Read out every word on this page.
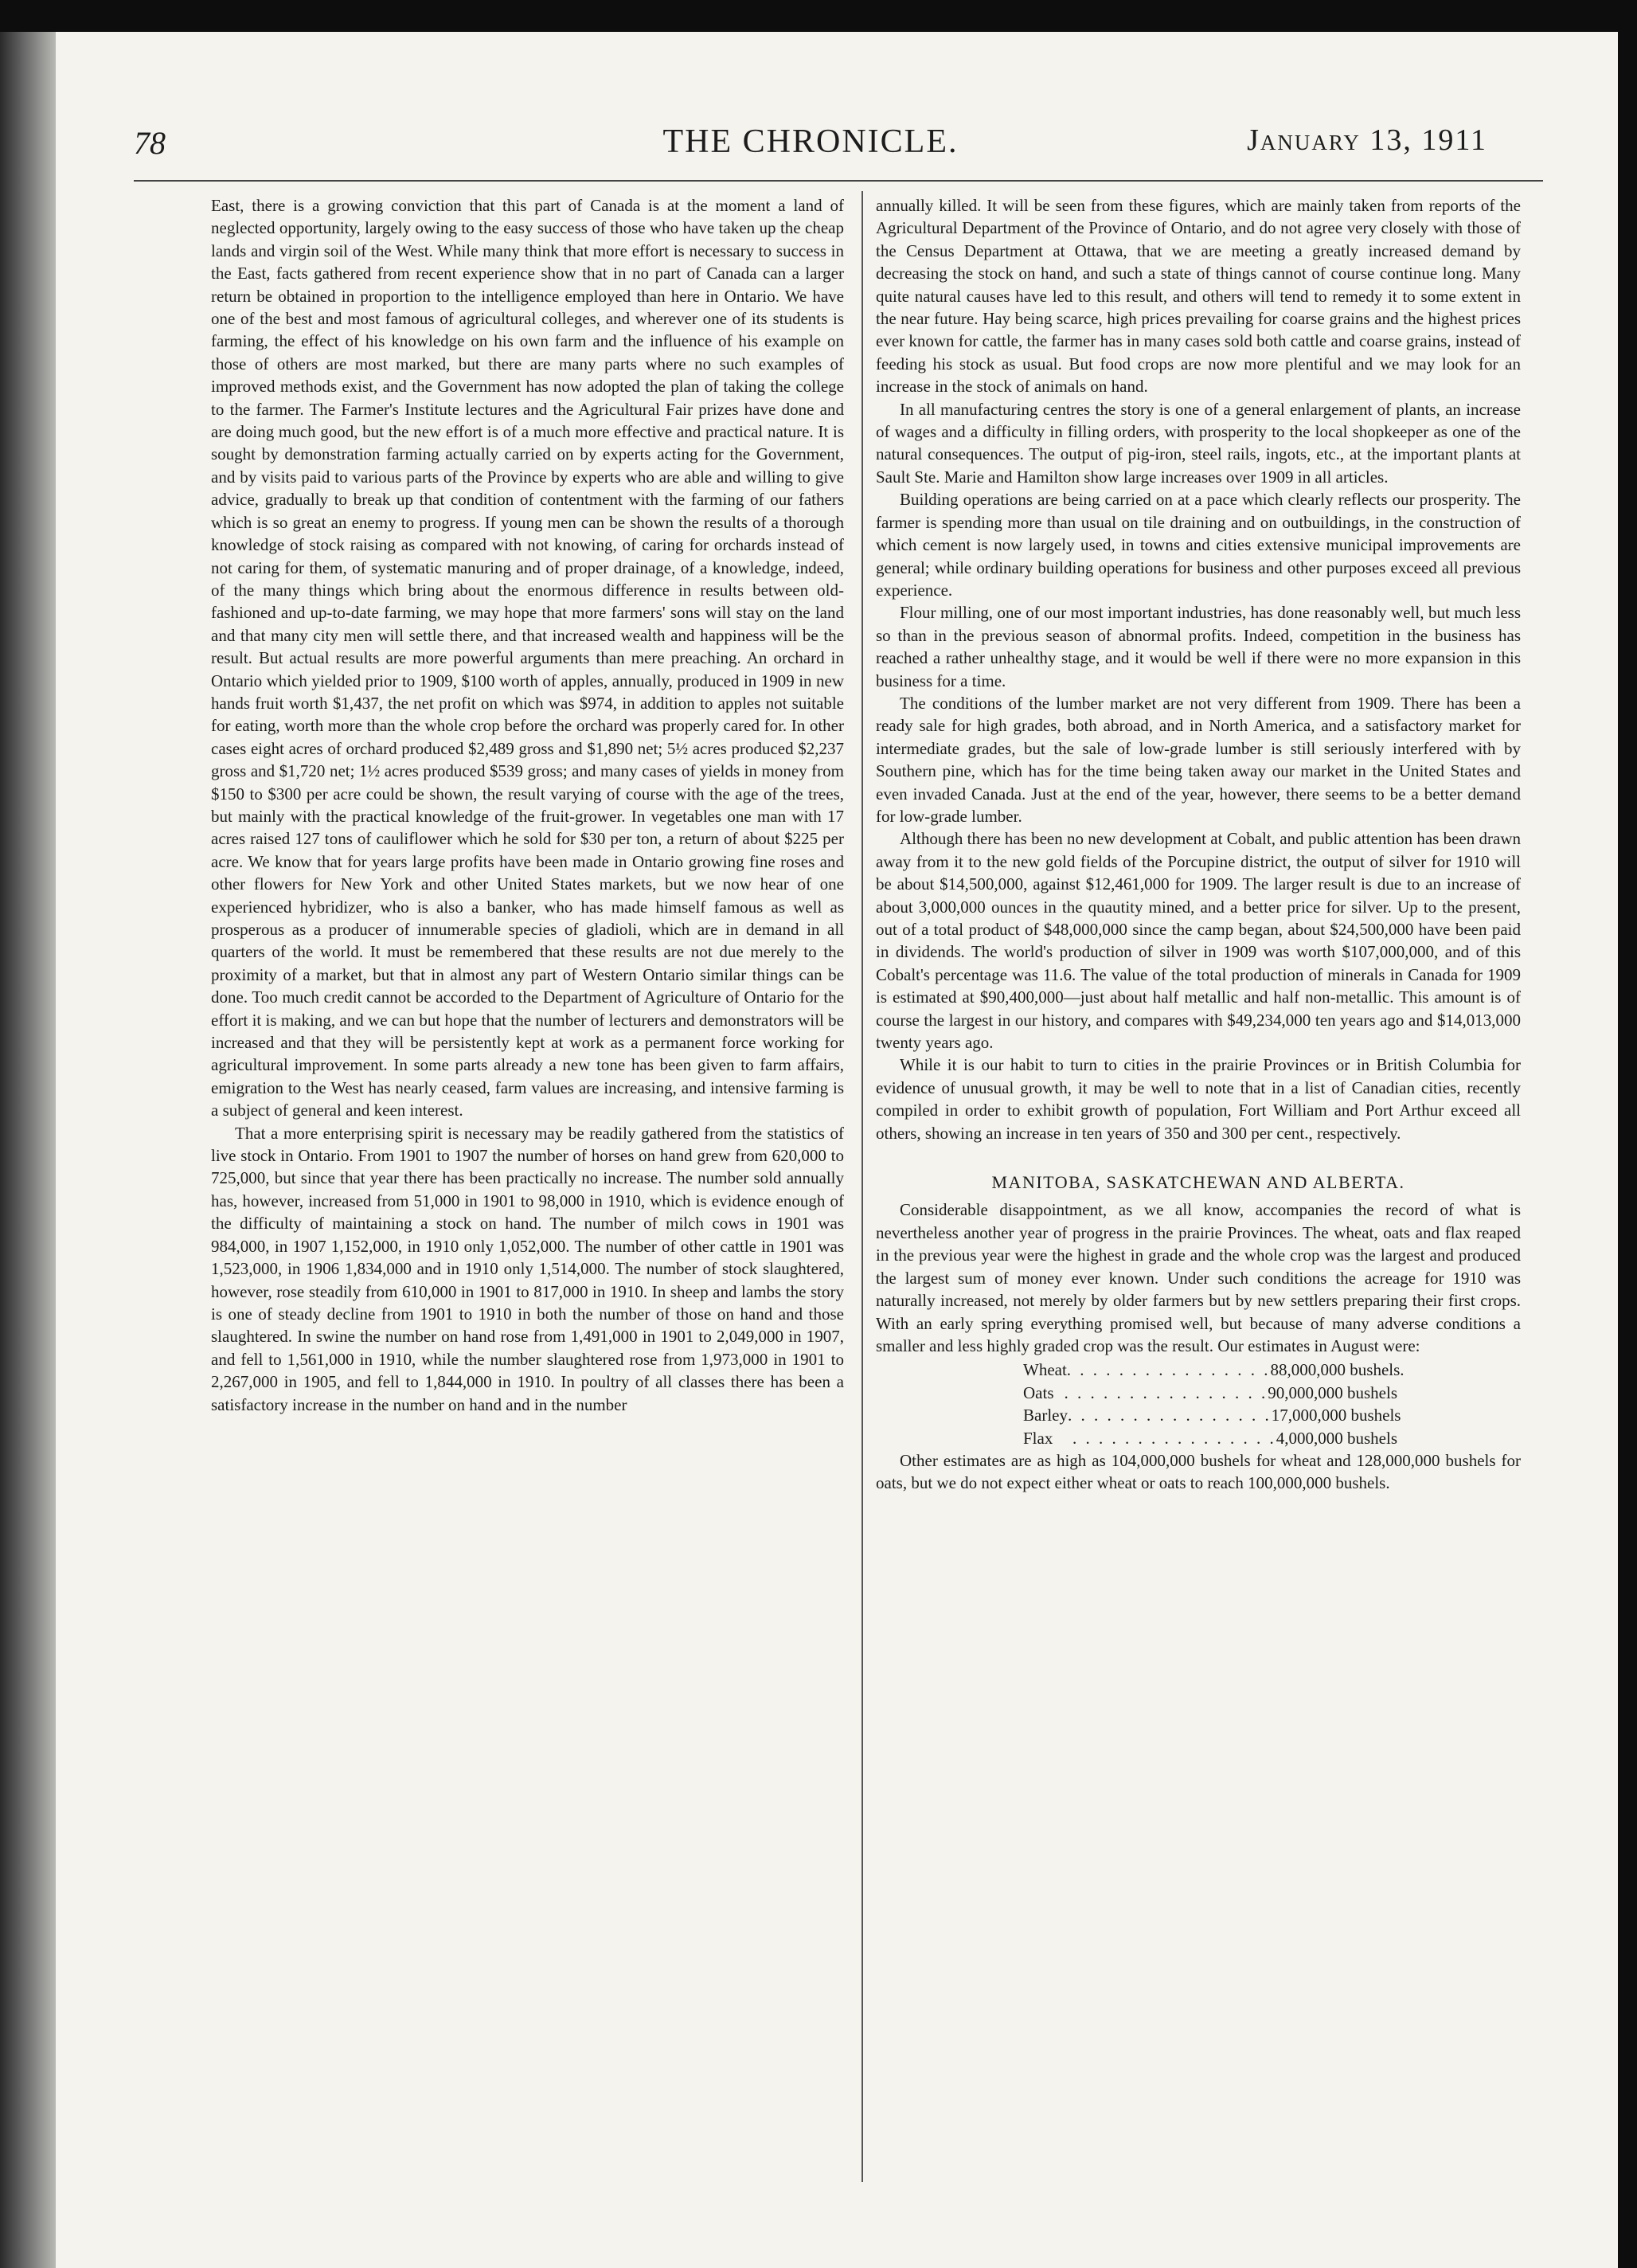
78	THE CHRONICLE.	January 13, 1911

East, there is a growing conviction that this part of Canada is at the moment a land of neglected opportunity, largely owing to the easy success of those who have taken up the cheap lands and virgin soil of the West. While many think that more effort is necessary to success in the East, facts gathered from recent experience show that in no part of Canada can a larger return be obtained in proportion to the intelligence employed than here in Ontario. We have one of the best and most famous of agricultural colleges, and wherever one of its students is farming, the effect of his knowledge on his own farm and the influence of his example on those of others are most marked, but there are many parts where no such examples of improved methods exist, and the Government has now adopted the plan of taking the college to the farmer. The Farmer's Institute lectures and the Agricultural Fair prizes have done and are doing much good, but the new effort is of a much more effective and practical nature. It is sought by demonstration farming actually carried on by experts acting for the Government, and by visits paid to various parts of the Province by experts who are able and willing to give advice, gradually to break up that condition of contentment with the farming of our fathers which is so great an enemy to progress. If young men can be shown the results of a thorough knowledge of stock raising as compared with not knowing, of caring for orchards instead of not caring for them, of systematic manuring and of proper drainage, of a knowledge, indeed, of the many things which bring about the enormous difference in results between old-fashioned and up-to-date farming, we may hope that more farmers' sons will stay on the land and that many city men will settle there, and that increased wealth and happiness will be the result. But actual results are more powerful arguments than mere preaching. An orchard in Ontario which yielded prior to 1909, $100 worth of apples, annually, produced in 1909 in new hands fruit worth $1,437, the net profit on which was $974, in addition to apples not suitable for eating, worth more than the whole crop before the orchard was properly cared for. In other cases eight acres of orchard produced $2,489 gross and $1,890 net; 5½ acres produced $2,237 gross and $1,720 net; 1½ acres produced $539 gross; and many cases of yields in money from $150 to $300 per acre could be shown, the result varying of course with the age of the trees, but mainly with the practical knowledge of the fruit-grower. In vegetables one man with 17 acres raised 127 tons of cauliflower which he sold for $30 per ton, a return of about $225 per acre. We know that for years large profits have been made in Ontario growing fine roses and other flowers for New York and other United States markets, but we now hear of one experienced hybridizer, who is also a banker, who has made himself famous as well as prosperous as a producer of innumerable species of gladioli, which are in demand in all quarters of the world. It must be remembered that these results are not due merely to the proximity of a market, but that in almost any part of Western Ontario similar things can be done. Too much credit cannot be accorded to the Department of Agriculture of Ontario for the effort it is making, and we can but hope that the number of lecturers and demonstrators will be increased and that they will be persistently kept at work as a permanent force working for agricultural improvement. In some parts already a new tone has been given to farm affairs, emigration to the West has nearly ceased, farm values are increasing, and intensive farming is a subject of general and keen interest.

That a more enterprising spirit is necessary may be readily gathered from the statistics of live stock in Ontario. From 1901 to 1907 the number of horses on hand grew from 620,000 to 725,000, but since that year there has been practically no increase. The number sold annually has, however, increased from 51,000 in 1901 to 98,000 in 1910, which is evidence enough of the difficulty of maintaining a stock on hand. The number of milch cows in 1901 was 984,000, in 1907 1,152,000, in 1910 only 1,052,000. The number of other cattle in 1901 was 1,523,000, in 1906 1,834,000 and in 1910 only 1,514,000. The number of stock slaughtered, however, rose steadily from 610,000 in 1901 to 817,000 in 1910. In sheep and lambs the story is one of steady decline from 1901 to 1910 in both the number of those on hand and those slaughtered. In swine the number on hand rose from 1,491,000 in 1901 to 2,049,000 in 1907, and fell to 1,561,000 in 1910, while the number slaughtered rose from 1,973,000 in 1901 to 2,267,000 in 1905, and fell to 1,844,000 in 1910. In poultry of all classes there has been a satisfactory increase in the number on hand and in the number

annually killed. It will be seen from these figures, which are mainly taken from reports of the Agricultural Department of the Province of Ontario, and do not agree very closely with those of the Census Department at Ottawa, that we are meeting a greatly increased demand by decreasing the stock on hand, and such a state of things cannot of course continue long. Many quite natural causes have led to this result, and others will tend to remedy it to some extent in the near future. Hay being scarce, high prices prevailing for coarse grains and the highest prices ever known for cattle, the farmer has in many cases sold both cattle and coarse grains, instead of feeding his stock as usual. But food crops are now more plentiful and we may look for an increase in the stock of animals on hand.

In all manufacturing centres the story is one of a general enlargement of plants, an increase of wages and a difficulty in filling orders, with prosperity to the local shopkeeper as one of the natural consequences. The output of pig-iron, steel rails, ingots, etc., at the important plants at Sault Ste. Marie and Hamilton show large increases over 1909 in all articles.

Building operations are being carried on at a pace which clearly reflects our prosperity. The farmer is spending more than usual on tile draining and on outbuildings, in the construction of which cement is now largely used, in towns and cities extensive municipal improvements are general; while ordinary building operations for business and other purposes exceed all previous experience.

Flour milling, one of our most important industries, has done reasonably well, but much less so than in the previous season of abnormal profits. Indeed, competition in the business has reached a rather unhealthy stage, and it would be well if there were no more expansion in this business for a time.

The conditions of the lumber market are not very different from 1909. There has been a ready sale for high grades, both abroad, and in North America, and a satisfactory market for intermediate grades, but the sale of low-grade lumber is still seriously interfered with by Southern pine, which has for the time being taken away our market in the United States and even invaded Canada. Just at the end of the year, however, there seems to be a better demand for low-grade lumber.

Although there has been no new development at Cobalt, and public attention has been drawn away from it to the new gold fields of the Porcupine district, the output of silver for 1910 will be about $14,500,000, against $12,461,000 for 1909. The larger result is due to an increase of about 3,000,000 ounces in the quautity mined, and a better price for silver. Up to the present, out of a total product of $48,000,000 since the camp began, about $24,500,000 have been paid in dividends. The world's production of silver in 1909 was worth $107,000,000, and of this Cobalt's percentage was 11.6. The value of the total production of minerals in Canada for 1909 is estimated at $90,400,000—just about half metallic and half non-metallic. This amount is of course the largest in our history, and compares with $49,234,000 ten years ago and $14,013,000 twenty years ago.

While it is our habit to turn to cities in the prairie Provinces or in British Columbia for evidence of unusual growth, it may be well to note that in a list of Canadian cities, recently compiled in order to exhibit growth of population, Fort William and Port Arthur exceed all others, showing an increase in ten years of 350 and 300 per cent., respectively.

MANITOBA, SASKATCHEWAN AND ALBERTA.

Considerable disappointment, as we all know, accompanies the record of what is nevertheless another year of progress in the prairie Provinces. The wheat, oats and flax reaped in the previous year were the highest in grade and the whole crop was the largest and produced the largest sum of money ever known. Under such conditions the acreage for 1910 was naturally increased, not merely by older farmers but by new settlers preparing their first crops. With an early spring everything promised well, but because of many adverse conditions a smaller and less highly graded crop was the result. Our estimates in August were:

Wheat . . . . . . . . . . . . . . . . 88,000,000 bushels.
Oats . . . . . . . . . . . . . . . . 90,000,000 bushels
Barley . . . . . . . . . . . . . . . . 17,000,000 bushels
Flax	. . . . . . . . . . . . . . . . 4,000,000 bushels

Other estimates are as high as 104,000,000 bushels for wheat and 128,000,000 bushels for oats, but we do not expect either wheat or oats to reach 100,000,000 bushels.
